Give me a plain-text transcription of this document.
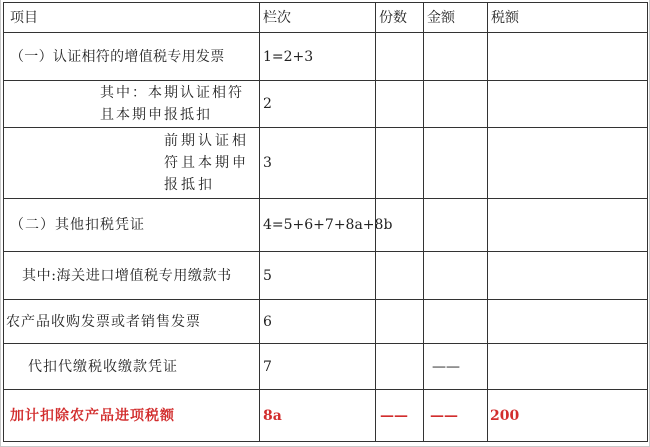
项目	栏次	份数	金额	税额

（一）认证相符的增值税专用发票	1=2+3			

其中：本期认证相符且本期申报抵扣	2			

前期认证相符且本期申报抵扣	3			

（二）其他扣税凭证	4=5+6+7+8a+8b			

其中:海关进口增值税专用缴款书	5			

农产品收购发票或者销售发票	6			

代扣代缴税收缴款凭证	7		——	

加计扣除农产品进项税额	8a	——	——	200
